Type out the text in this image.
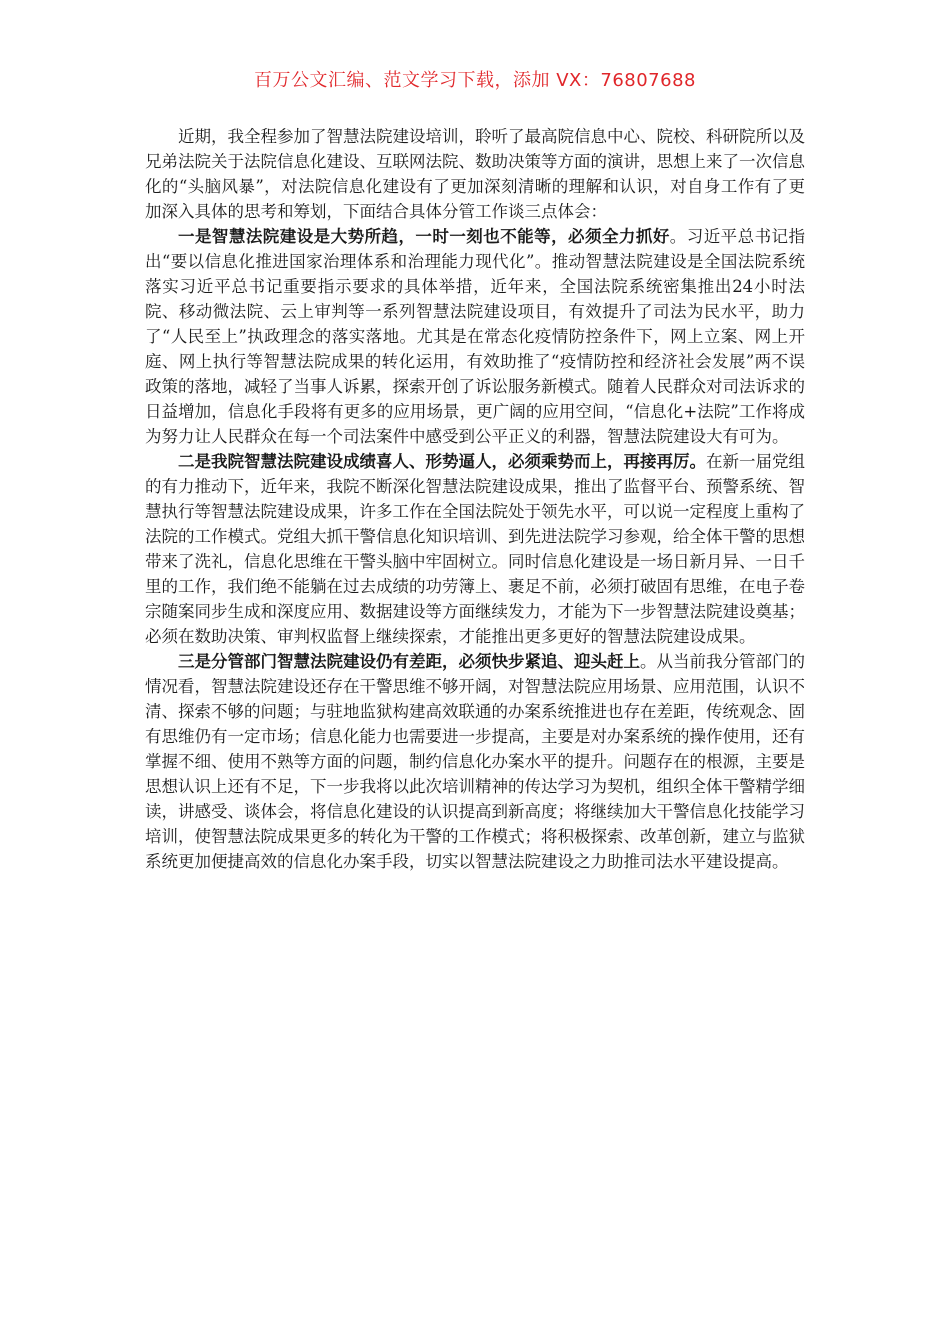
百万公文汇编、范文学习下载，添加 VX：76807688

近期，我全程参加了智慧法院建设培训，聆听了最高院信息中心、院校、科研院所以及兄弟法院关于法院信息化建设、互联网法院、数助决策等方面的演讲，思想上来了一次信息化的“头脑风暴”，对法院信息化建设有了更加深刻清晰的理解和认识，对自身工作有了更加深入具体的思考和筹划，下面结合具体分管工作谈三点体会：

一是智慧法院建设是大势所趋，一时一刻也不能等，必须全力抓好。习近平总书记指出“要以信息化推进国家治理体系和治理能力现代化”。推动智慧法院建设是全国法院系统落实习近平总书记重要指示要求的具体举措，近年来，全国法院系统密集推出24小时法院、移动微法院、云上审判等一系列智慧法院建设项目，有效提升了司法为民水平，助力了“人民至上”执政理念的落实落地。尤其是在常态化疫情防控条件下，网上立案、网上开庭、网上执行等智慧法院成果的转化运用，有效助推了“疫情防控和经济社会发展”两不误政策的落地，减轻了当事人诉累，探索开创了诉讼服务新模式。随着人民群众对司法诉求的日益增加，信息化手段将有更多的应用场景，更广阔的应用空间，“信息化+法院”工作将成为努力让人民群众在每一个司法案件中感受到公平正义的利器，智慧法院建设大有可为。

二是我院智慧法院建设成绩喜人、形势逼人，必须乘势而上，再接再厉。在新一届党组的有力推动下，近年来，我院不断深化智慧法院建设成果，推出了监督平台、预警系统、智慧执行等智慧法院建设成果，许多工作在全国法院处于领先水平，可以说一定程度上重构了法院的工作模式。党组大抓干警信息化知识培训、到先进法院学习参观，给全体干警的思想带来了洗礼，信息化思维在干警头脑中牢固树立。同时信息化建设是一场日新月异、一日千里的工作，我们绝不能躺在过去成绩的功劳簿上、裹足不前，必须打破固有思维，在电子卷宗随案同步生成和深度应用、数据建设等方面继续发力，才能为下一步智慧法院建设奠基；必须在数助决策、审判权监督上继续探索，才能推出更多更好的智慧法院建设成果。

三是分管部门智慧法院建设仍有差距，必须快步紧追、迎头赶上。从当前我分管部门的情况看，智慧法院建设还存在干警思维不够开阔，对智慧法院应用场景、应用范围，认识不清、探索不够的问题；与驻地监狱构建高效联通的办案系统推进也存在差距，传统观念、固有思维仍有一定市场；信息化能力也需要进一步提高，主要是对办案系统的操作使用，还有掌握不细、使用不熟等方面的问题，制约信息化办案水平的提升。问题存在的根源，主要是思想认识上还有不足，下一步我将以此次培训精神的传达学习为契机，组织全体干警精学细读，讲感受、谈体会，将信息化建设的认识提高到新高度；将继续加大干警信息化技能学习培训，使智慧法院成果更多的转化为干警的工作模式；将积极探索、改革创新，建立与监狱系统更加便捷高效的信息化办案手段，切实以智慧法院建设之力助推司法水平建设提高。
